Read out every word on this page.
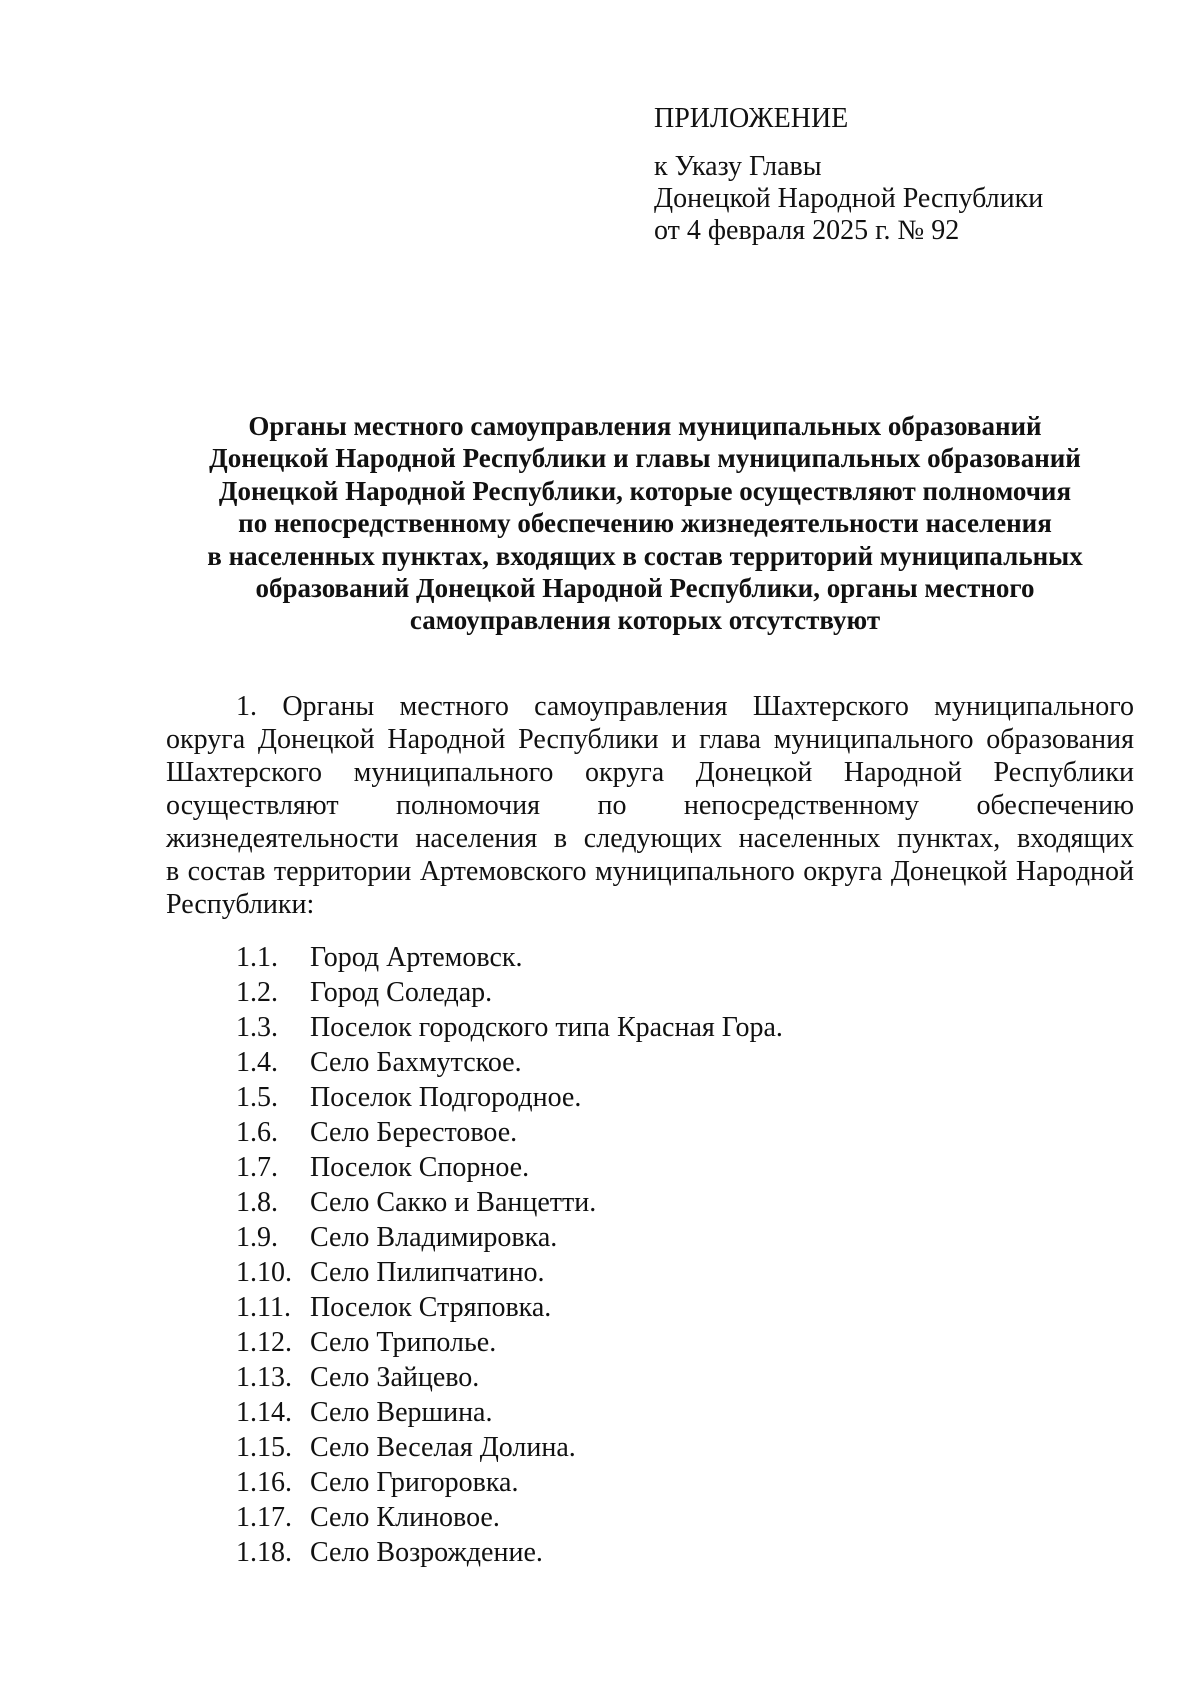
ПРИЛОЖЕНИЕ
к Указу Главы
Донецкой Народной Республики
от 4 февраля 2025 г. № 92
Органы местного самоуправления муниципальных образований
Донецкой Народной Республики и главы муниципальных образований
Донецкой Народной Республики, которые осуществляют полномочия
по непосредственному обеспечению жизнедеятельности населения
в населенных пунктах, входящих в состав территорий муниципальных
образований Донецкой Народной Республики, органы местного
самоуправления которых отсутствуют
1. Органы местного самоуправления Шахтерского муниципального
округа Донецкой Народной Республики и глава муниципального образования
Шахтерского муниципального округа Донецкой Народной Республики
осуществляют полномочия по непосредственному обеспечению
жизнедеятельности населения в следующих населенных пунктах, входящих
в состав территории Артемовского муниципального округа Донецкой Народной
Республики:
1.1.	Город Артемовск.
1.2.	Город Соледар.
1.3.	Поселок городского типа Красная Гора.
1.4.	Село Бахмутское.
1.5.	Поселок Подгородное.
1.6.	Село Берестовое.
1.7.	Поселок Спорное.
1.8.	Село Сакко и Ванцетти.
1.9.	Село Владимировка.
1.10. Село Пилипчатино.
1.11. Поселок Стряповка.
1.12. Село Триполье.
1.13. Село Зайцево.
1.14. Село Вершина.
1.15. Село Веселая Долина.
1.16. Село Григоровка.
1.17. Село Клиновое.
1.18. Село Возрождение.
